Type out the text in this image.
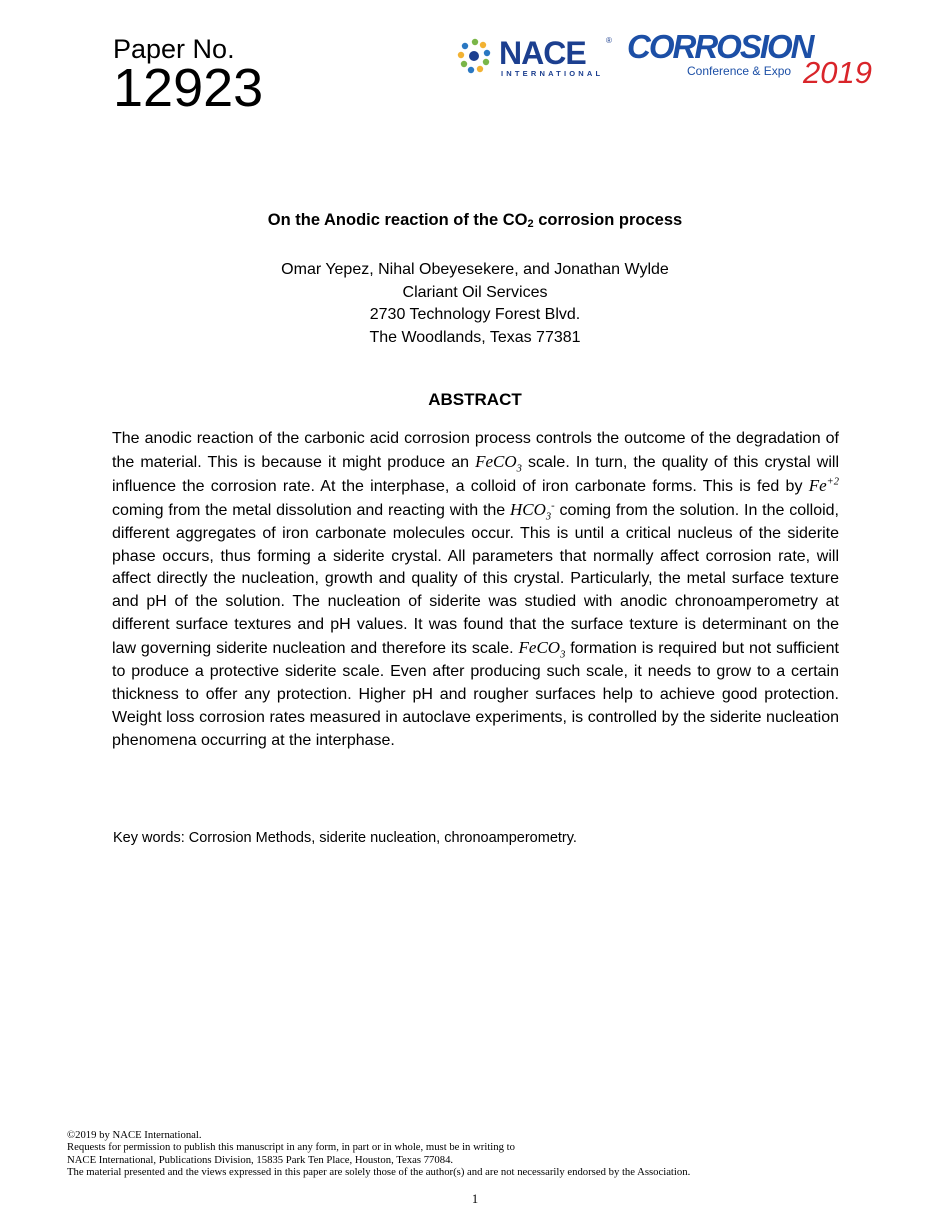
Paper No.
12923
NACE	®
INTERNATIONAL
CORROSION
Conference & Expo 2019
On the Anodic reaction of the $CO_2$ corrosion process
Omar Yepez, Nihal Obeyesekere, and Jonathan Wylde
Clariant Oil Services
2730 Technology Forest Blvd.
The Woodlands, Texas 77381
ABSTRACT
The anodic reaction of the carbonic acid corrosion process controls the outcome of the degradation of the material. This is because it might produce an FeCO$_3$ scale. In turn, the quality of this crystal will influence the corrosion rate. At the interphase, a colloid of iron carbonate forms. This is fed by $Fe^{+2}$ coming from the metal dissolution and reacting with the $HCO_3^-$ coming from the solution. In the colloid, different aggregates of iron carbonate molecules occur. This is until a critical nucleus of the siderite phase occurs, thus forming a siderite crystal. All parameters that normally affect corrosion rate, will affect directly the nucleation, growth and quality of this crystal. Particularly, the metal surface texture and pH of the solution. The nucleation of siderite was studied with anodic chronoamperometry at different surface textures and pH values. It was found that the surface texture is determinant on the law governing siderite nucleation and therefore its scale. FeCO$_3$ formation is required but not sufficient to produce a protective siderite scale. Even after producing such scale, it needs to grow to a certain thickness to offer any protection. Higher pH and rougher surfaces help to achieve good protection. Weight loss corrosion rates measured in autoclave experiments, is controlled by the siderite nucleation phenomena occurring at the interphase.
Key words: Corrosion Methods, siderite nucleation, chronoamperometry.
©2019 by NACE International.
Requests for permission to publish this manuscript in any form, in part or in whole, must be in writing to
NACE International, Publications Division, 15835 Park Ten Place, Houston, Texas 77084.
The material presented and the views expressed in this paper are solely those of the author(s) and are not necessarily endorsed by the Association.
1
